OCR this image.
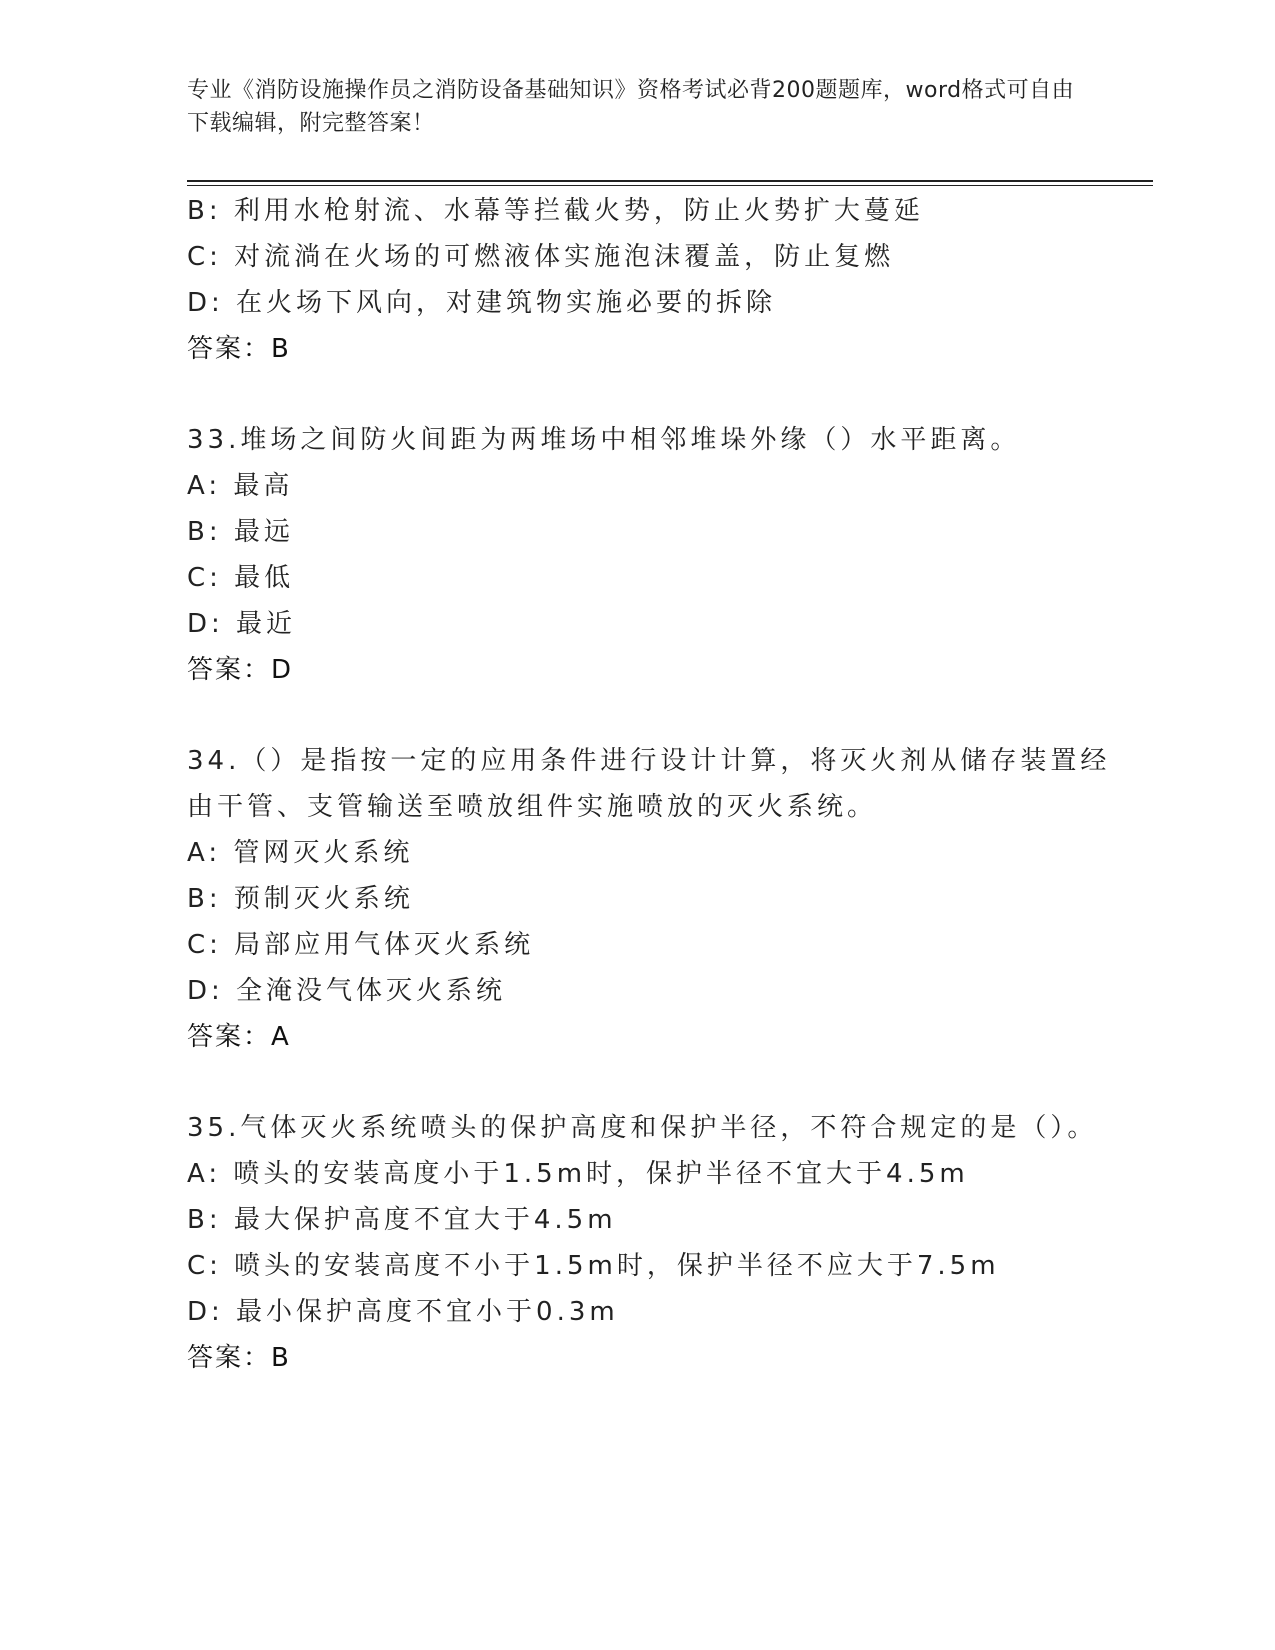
专业《消防设施操作员之消防设备基础知识》资格考试必背200题题库，word格式可自由下载编辑，附完整答案！
B: 利用水枪射流、水幕等拦截火势，防止火势扩大蔓延
C: 对流淌在火场的可燃液体实施泡沫覆盖，防止复燃
D: 在火场下风向，对建筑物实施必要的拆除
答案：B
33.堆场之间防火间距为两堆场中相邻堆垛外缘（）水平距离。
A: 最高
B: 最远
C: 最低
D: 最近
答案：D
34.（）是指按一定的应用条件进行设计计算，将灭火剂从储存装置经
由干管、支管输送至喷放组件实施喷放的灭火系统。
A: 管网灭火系统
B: 预制灭火系统
C: 局部应用气体灭火系统
D: 全淹没气体灭火系统
答案：A
35.气体灭火系统喷头的保护高度和保护半径，不符合规定的是（）。
A: 喷头的安装高度小于1.5m时，保护半径不宜大于4.5m
B: 最大保护高度不宜大于4.5m
C: 喷头的安装高度不小于1.5m时，保护半径不应大于7.5m
D: 最小保护高度不宜小于0.3m
答案：B
